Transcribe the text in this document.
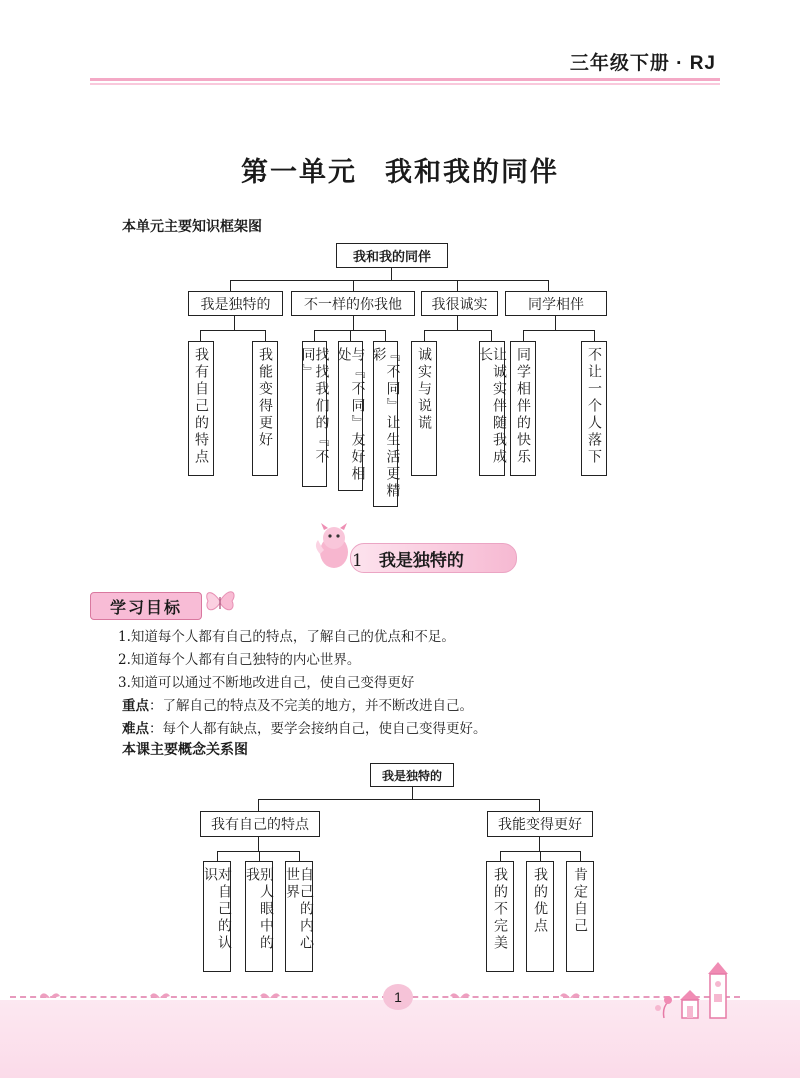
三年级下册 · RJ
第一单元 我和我的同伴
本单元主要知识框架图
我和我的同伴
我是独特的	不一样的你我他	我很诚实	同学相伴
我有自己的特点	我能变得更好	找找我们的『不同』	与『不同』友好相处	『不同』让生活更精彩	诚实与说谎	让诚实伴随我成长	同学相伴的快乐	不让一个人落下
1 我是独特的
学习目标
1.知道每个人都有自己的特点，了解自己的优点和不足。
2.知道每个人都有自己独特的内心世界。
3.知道可以通过不断地改进自己，使自己变得更好
重点：了解自己的特点及不完美的地方，并不断改进自己。
难点：每个人都有缺点，要学会接纳自己，使自己变得更好。
本课主要概念关系图
我是独特的
我有自己的特点	我能变得更好
对自己的认识	别人眼中的我	自己的内心世界	我的不完美	我的优点	肯定自己
1
